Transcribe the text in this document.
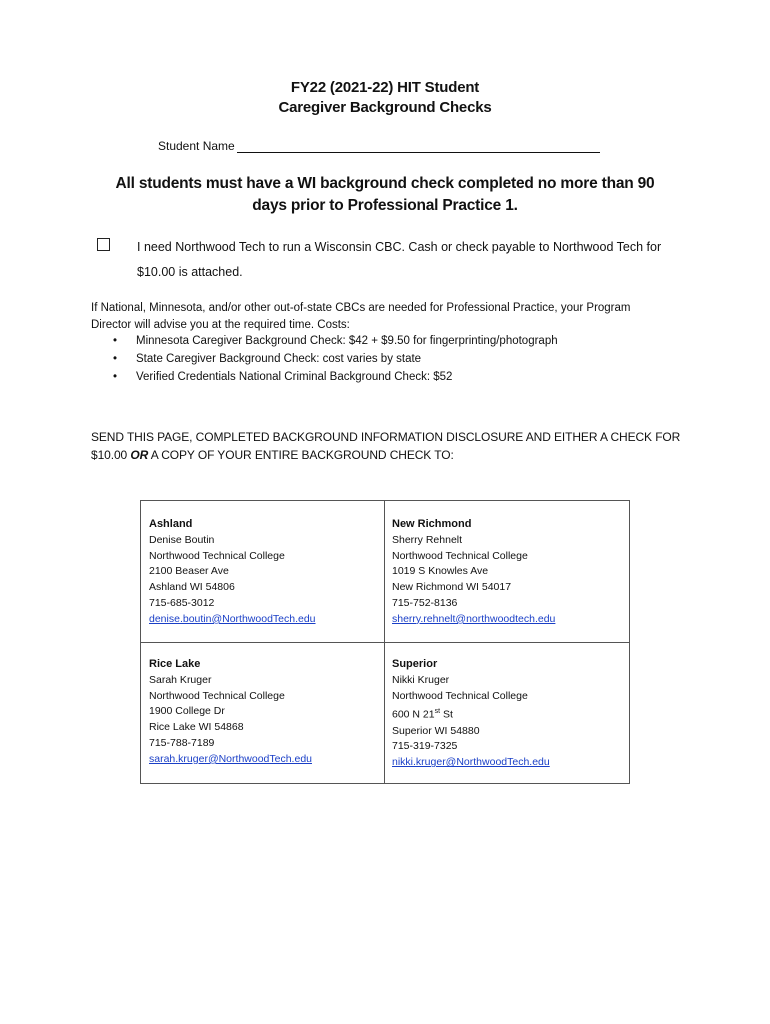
FY22 (2021-22) HIT Student
Caregiver Background Checks
Student Name
All students must have a WI background check completed no more than 90
days prior to Professional Practice 1.
I need Northwood Tech to run a Wisconsin CBC. Cash or check payable to Northwood Tech for $10.00 is attached.
If National, Minnesota, and/or other out-of-state CBCs are needed for Professional Practice, your Program Director will advise you at the required time. Costs:
• Minnesota Caregiver Background Check: $42 + $9.50 for fingerprinting/photograph
• State Caregiver Background Check: cost varies by state
• Verified Credentials National Criminal Background Check: $52
SEND THIS PAGE, COMPLETED BACKGROUND INFORMATION DISCLOSURE AND EITHER A CHECK FOR $10.00 OR A COPY OF YOUR ENTIRE BACKGROUND CHECK TO:
Ashland
Denise Boutin
Northwood Technical College
2100 Beaser Ave
Ashland WI 54806
715-685-3012
denise.boutin@NorthwoodTech.edu
New Richmond
Sherry Rehnelt
Northwood Technical College
1019 S Knowles Ave
New Richmond WI 54017
715-752-8136
sherry.rehnelt@northwoodtech.edu
Rice Lake
Sarah Kruger
Northwood Technical College
1900 College Dr
Rice Lake WI 54868
715-788-7189
sarah.kruger@NorthwoodTech.edu
Superior
Nikki Kruger
Northwood Technical College
600 N 21st St
Superior WI 54880
715-319-7325
nikki.kruger@NorthwoodTech.edu
